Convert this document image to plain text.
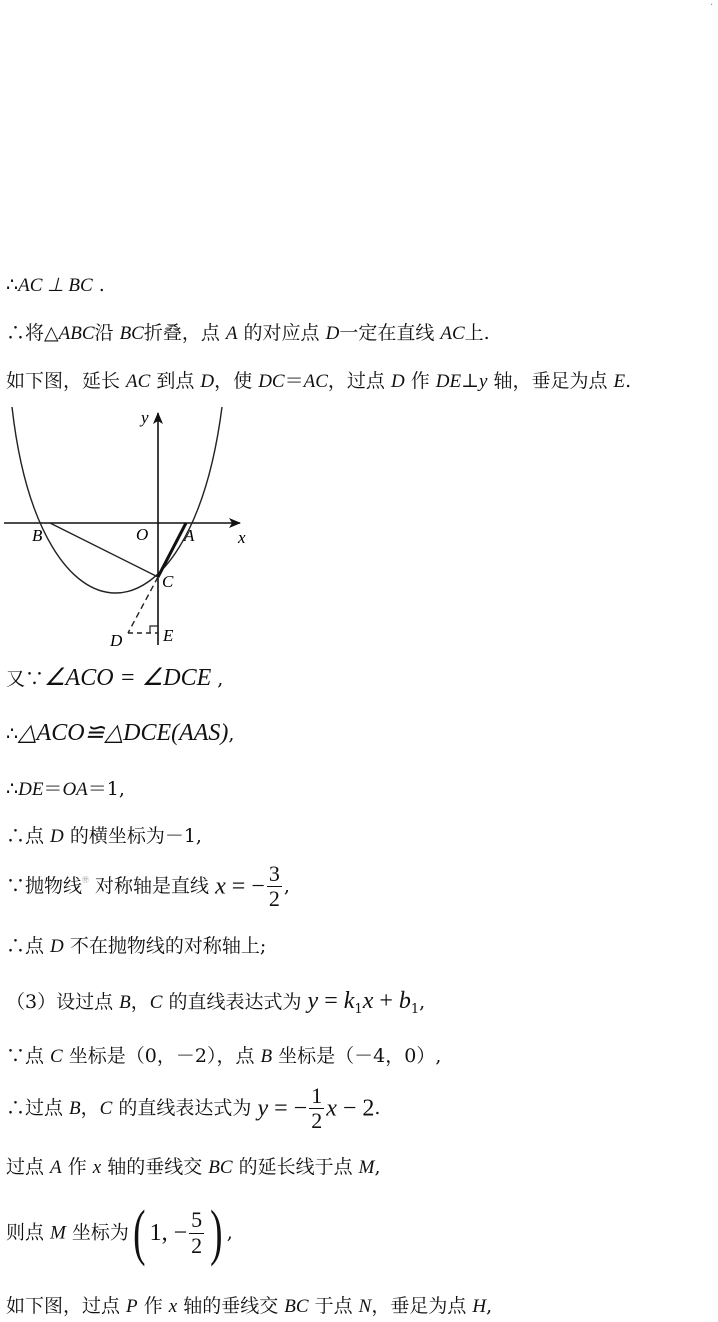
·
∴AC ⊥ BC .
∴将△ABC沿 BC折叠，点 A 的对应点 D一定在直线 AC上.
如下图，延长 AC 到点 D，使 DC＝AC，过点 D 作 DE⊥y 轴，垂足为点 E.
y
x
O A
B
C
D E
又∵∠ACO = ∠DCE ,
∴△ACO≌△DCE(AAS),
∴DE＝OA＝1,
∴点 D 的横坐标为－1,
∵抛物线㊕ 对称轴是直线 x = − $\frac{3}{2}$ ,
∴点 D 不在抛物线的对称轴上;
（3）设过点 B，C 的直线表达式为 $y = k_1x + b_1$,
∵点 C 坐标是（0，－2），点 B 坐标是（－4，0）,
∴过点 B，C 的直线表达式为 y = − $\frac{1}{2}$ x − 2.
过点 A 作 x 轴的垂线交 BC 的延长线于点 M,
则点 M 坐标为( 1, − $\frac{5}{2}$ ) ,
如下图，过点 P 作 x 轴的垂线交 BC 于点 N，垂足为点 H,
